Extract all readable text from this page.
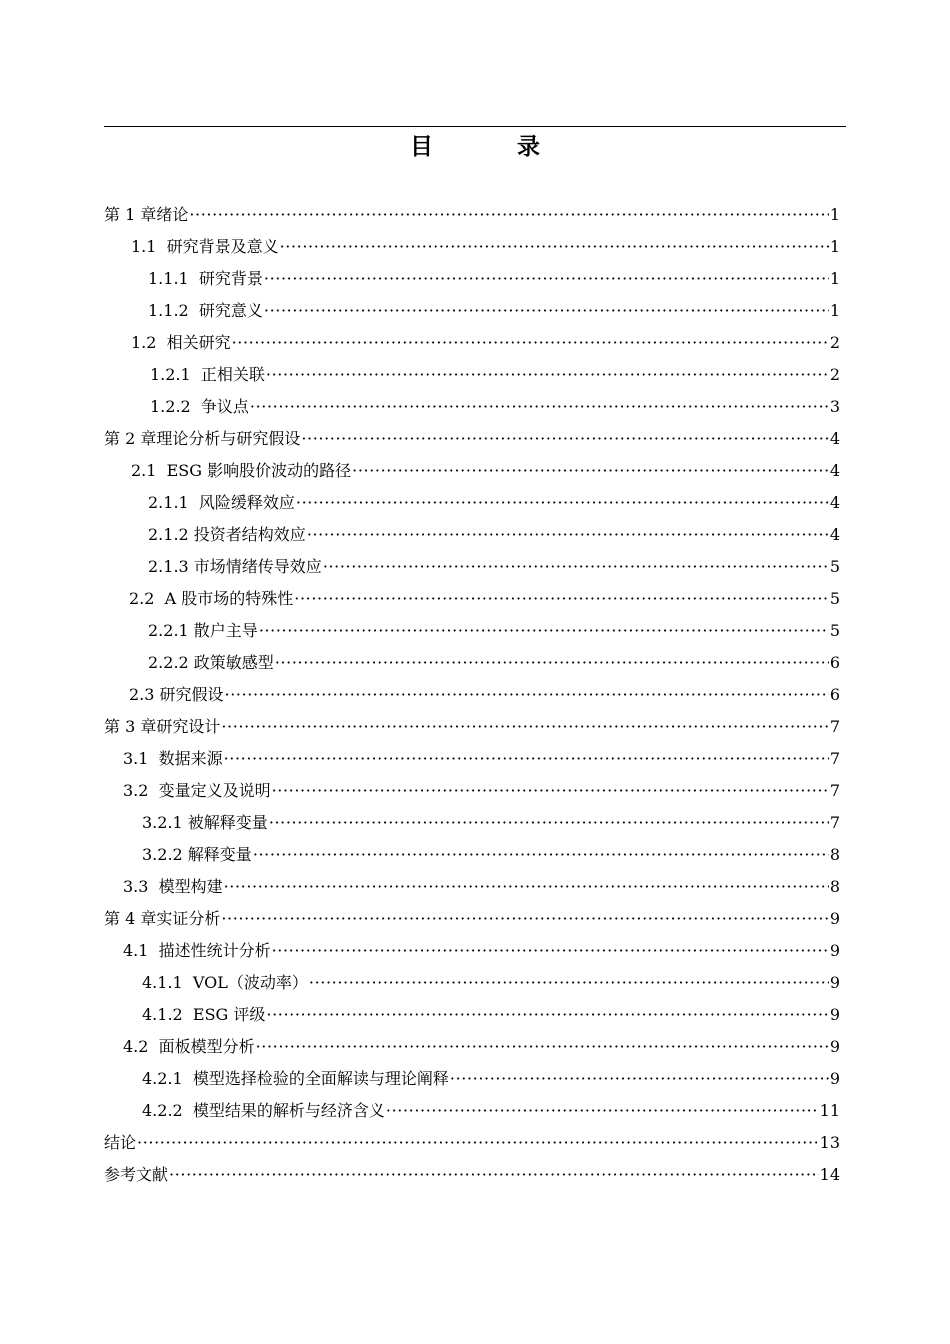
目 录
第 1 章绪论 ·····	1
1.1  研究背景及意义 ·····	1
1.1.1  研究背景 ·····	1
1.1.2  研究意义 ·····	1
1.2  相关研究 ·····	2
1.2.1  正相关联 ·····	2
1.2.2  争议点 ·····	3
第 2 章理论分析与研究假设 ·····	4
2.1  ESG 影响股价波动的路径 ·····	4
2.1.1  风险缓释效应 ·····	4
2.1.2 投资者结构效应 ·····	4
2.1.3 市场情绪传导效应 ·····	5
2.2  A 股市场的特殊性 ·····	5
2.2.1 散户主导 ·····	5
2.2.2 政策敏感型 ·····	6
2.3 研究假设 ·····	6
第 3 章研究设计 ·····	7
3.1  数据来源 ·····	7
3.2  变量定义及说明 ·····	7
3.2.1 被解释变量 ·····	7
3.2.2 解释变量 ·····	8
3.3  模型构建 ·····	8
第 4 章实证分析 ·····	9
4.1  描述性统计分析 ·····	9
4.1.1  VOL（波动率） ·····	9
4.1.2  ESG 评级 ·····	9
4.2  面板模型分析 ·····	9
4.2.1  模型选择检验的全面解读与理论阐释 ·····	9
4.2.2  模型结果的解析与经济含义 ·····	11
结论 ·····	13
参考文献 ·····	14
